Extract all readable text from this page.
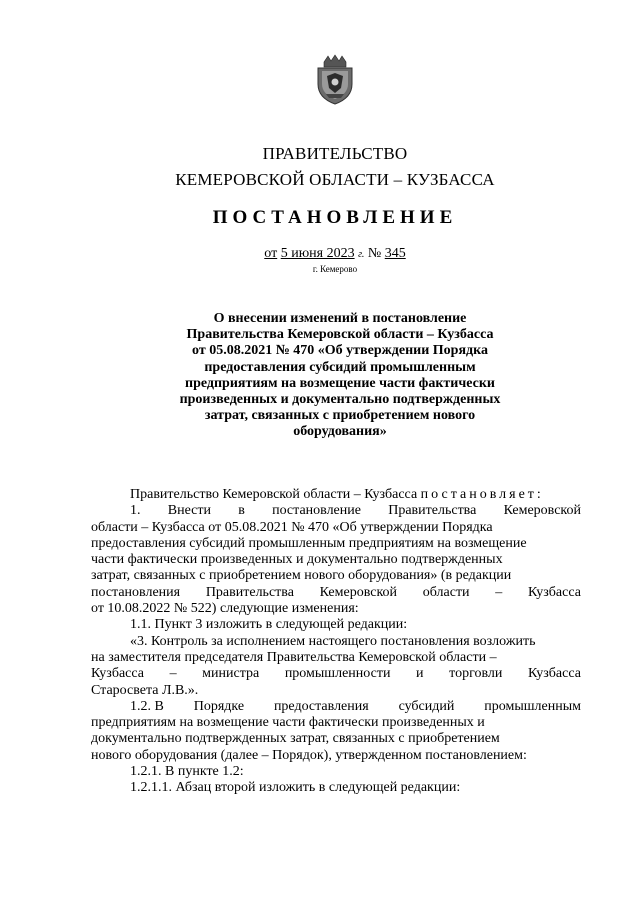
ПРАВИТЕЛЬСТВО
КЕМЕРОВСКОЙ ОБЛАСТИ – КУЗБАССА
ПОСТАНОВЛЕНИЕ
от 5 июня 2023 г. № 345
г. Кемерово
О внесении изменений в постановление
Правительства Кемеровской области – Кузбасса
от 05.08.2021 № 470 «Об утверждении Порядка
предоставления субсидий промышленным
предприятиям на возмещение части фактически
произведенных и документально подтвержденных
затрат, связанных с приобретением нового
оборудования»
Правительство Кемеровской области – Кузбасса постановляет:
1. Внести в постановление Правительства Кемеровской
области – Кузбасса от 05.08.2021 № 470 «Об утверждении Порядка
предоставления субсидий промышленным предприятиям на возмещение
части фактически произведенных и документально подтвержденных
затрат, связанных с приобретением нового оборудования» (в редакции
постановления Правительства Кемеровской области – Кузбасса
от 10.08.2022 № 522) следующие изменения:
1.1. Пункт 3 изложить в следующей редакции:
«3. Контроль за исполнением настоящего постановления возложить
на заместителя председателя Правительства Кемеровской области –
Кузбасса – министра промышленности и торговли Кузбасса
Старосвета Л.В.».
1.2. В Порядке предоставления субсидий промышленным
предприятиям на возмещение части фактически произведенных и
документально подтвержденных затрат, связанных с приобретением
нового оборудования (далее – Порядок), утвержденном постановлением:
1.2.1. В пункте 1.2:
1.2.1.1. Абзац второй изложить в следующей редакции:
